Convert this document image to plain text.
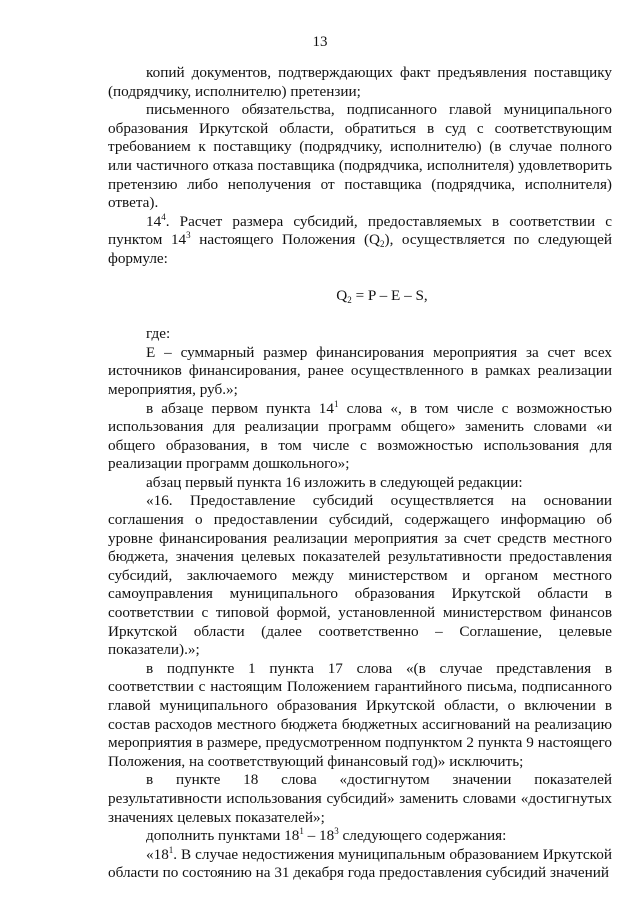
13

копий документов, подтверждающих факт предъявления поставщику (подрядчику, исполнителю) претензии;

письменного обязательства, подписанного главой муниципального образования Иркутской области, обратиться в суд с соответствующим требованием к поставщику (подрядчику, исполнителю) (в случае полного или частичного отказа поставщика (подрядчика, исполнителя) удовлетворить претензию либо неполучения от поставщика (подрядчика, исполнителя) ответа).

$14^4$. Расчет размера субсидий, предоставляемых в соответствии с пунктом $14^3$ настоящего Положения $(Q_2)$, осуществляется по следующей формуле:

$Q_2 = P - E - S$,

где:

E – суммарный размер финансирования мероприятия за счет всех источников финансирования, ранее осуществленного в рамках реализации мероприятия, руб.»;

в абзаце первом пункта $14^1$ слова «, в том числе с возможностью использования для реализации программ общего» заменить словами «и общего образования, в том числе с возможностью использования для реализации программ дошкольного»;

абзац первый пункта 16 изложить в следующей редакции:

«16. Предоставление субсидий осуществляется на основании соглашения о предоставлении субсидий, содержащего информацию об уровне финансирования реализации мероприятия за счет средств местного бюджета, значения целевых показателей результативности предоставления субсидий, заключаемого между министерством и органом местного самоуправления муниципального образования Иркутской области в соответствии с типовой формой, установленной министерством финансов Иркутской области (далее соответственно – Соглашение, целевые показатели).»;

в подпункте 1 пункта 17 слова «(в случае представления в соответствии с настоящим Положением гарантийного письма, подписанного главой муниципального образования Иркутской области, о включении в состав расходов местного бюджета бюджетных ассигнований на реализацию мероприятия в размере, предусмотренном подпунктом 2 пункта 9 настоящего Положения, на соответствующий финансовый год)» исключить;

в пункте 18 слова «достигнутом значении показателей результативности использования субсидий» заменить словами «достигнутых значениях целевых показателей»;

дополнить пунктами $18^1 - 18^3$ следующего содержания:

«$18^1$. В случае недостижения муниципальным образованием Иркутской области по состоянию на 31 декабря года предоставления субсидий значений
